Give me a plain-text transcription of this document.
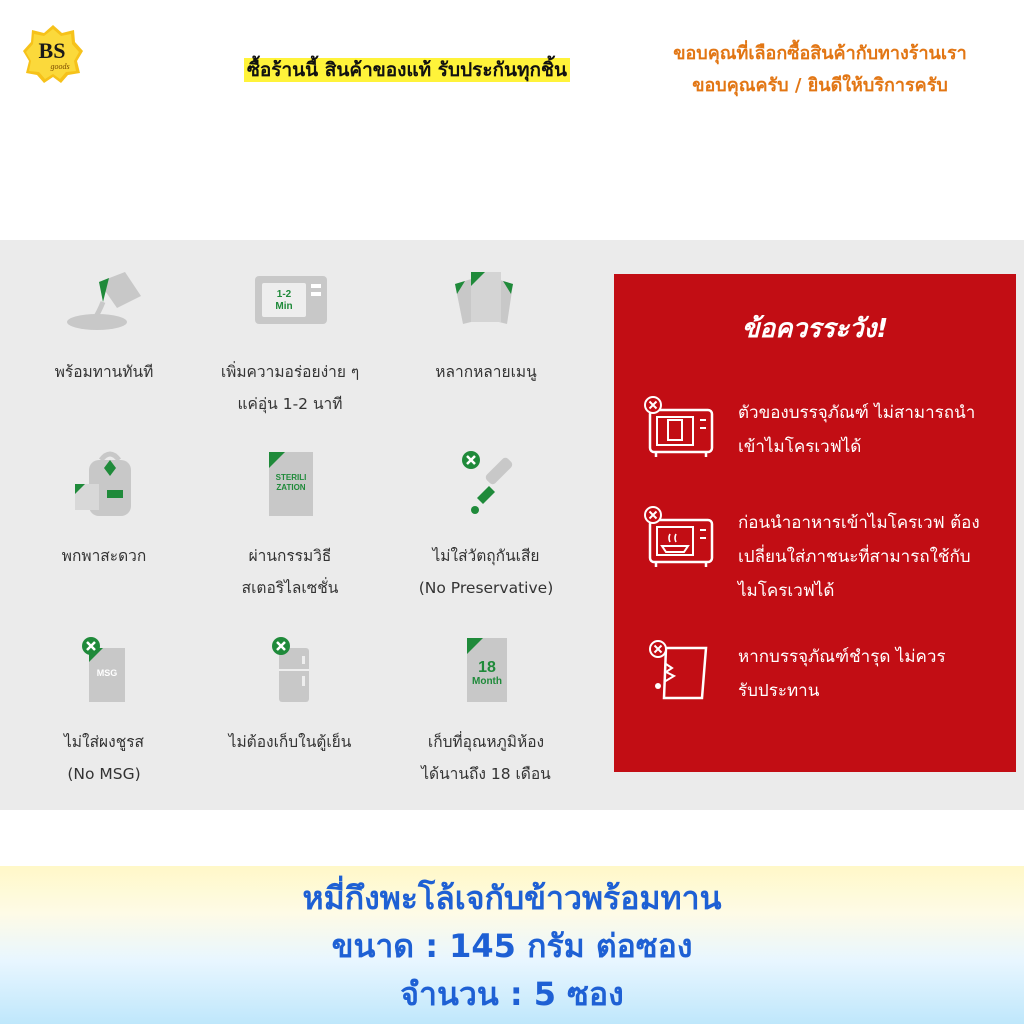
BS
goods	ซื้อร้านนี้ สินค้าของแท้ รับประกันทุกชิ้น
ขอบคุณที่เลือกซื้อสินค้ากับทางร้านเรา
ขอบคุณครับ / ยินดีให้บริการครับ
พร้อมทานทันที
1-2
Min
เพิ่มความอร่อยง่าย ๆ
แค่อุ่น 1-2 นาที
หลากหลายเมนู
พกพาสะดวก
STERILI
ZATION
ผ่านกรรมวิธี
สเตอริไลเซชั่น
ไม่ใส่วัตถุกันเสีย
(No Preservative)
MSG
ไม่ใส่ผงชูรส
(No MSG)
ไม่ต้องเก็บในตู้เย็น
18
Month
เก็บที่อุณหภูมิห้อง
ได้นานถึง 18 เดือน
ข้อควรระวัง!
ตัวของบรรจุภัณฑ์ ไม่สามารถนำ
เข้าไมโครเวฟได้
ก่อนนำอาหารเข้าไมโครเวฟ ต้อง
เปลี่ยนใส่ภาชนะที่สามารถใช้กับ
ไมโครเวฟได้
หากบรรจุภัณฑ์ชำรุด ไม่ควร
รับประทาน
หมี่กึงพะโล้เจกับข้าวพร้อมทาน
ขนาด : 145 กรัม ต่อซอง
จำนวน : 5 ซอง
